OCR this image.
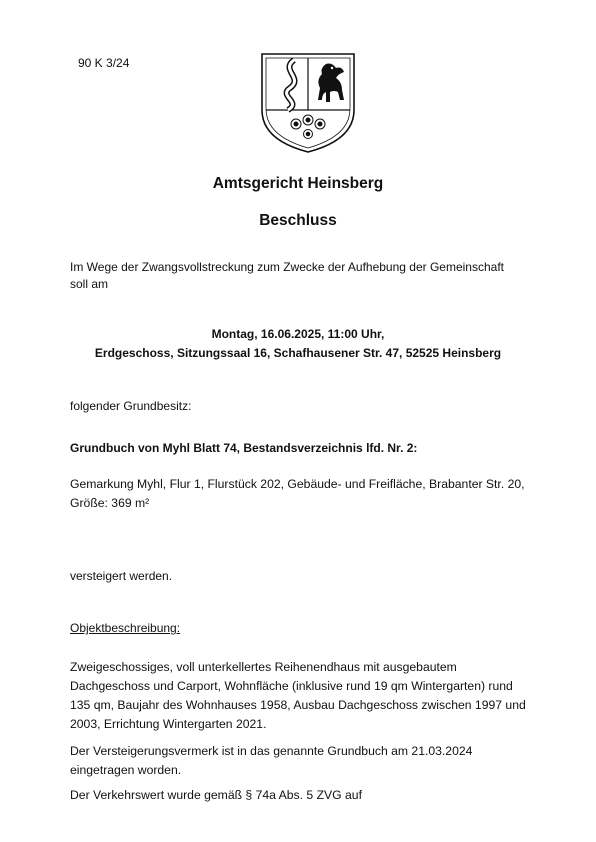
90 K 3/24
Amtsgericht Heinsberg
Beschluss

Im Wege der Zwangsvollstreckung zum Zwecke der Aufhebung der Gemeinschaft

soll am

Montag, 16.06.2025, 11:00 Uhr,
Erdgeschoss, Sitzungssaal 16, Schafhausener Str. 47, 52525 Heinsberg
folgender Grundbesitz:
Grundbuch von Myhl Blatt 74, Bestandsverzeichnis lfd. Nr. 2:

Gemarkung Myhl, Flur 1, Flurstück 202, Gebäude- und Freifläche, Brabanter Str. 20,

Größe: 369 m²

versteigert werden.
Objektbeschreibung:

Zweigeschossiges, voll unterkellertes Reihenendhaus mit ausgebautem

Dachgeschoss und Carport, Wohnfläche (inklusive rund 19 qm Wintergarten) rund

135 qm, Baujahr des Wohnhauses 1958, Ausbau Dachgeschoss zwischen 1997 und

2003, Errichtung Wintergarten 2021.

Der Versteigerungsvermerk ist in das genannte Grundbuch am 21.03.2024

eingetragen worden.

Der Verkehrswert wurde gemäß § 74a Abs. 5 ZVG auf
